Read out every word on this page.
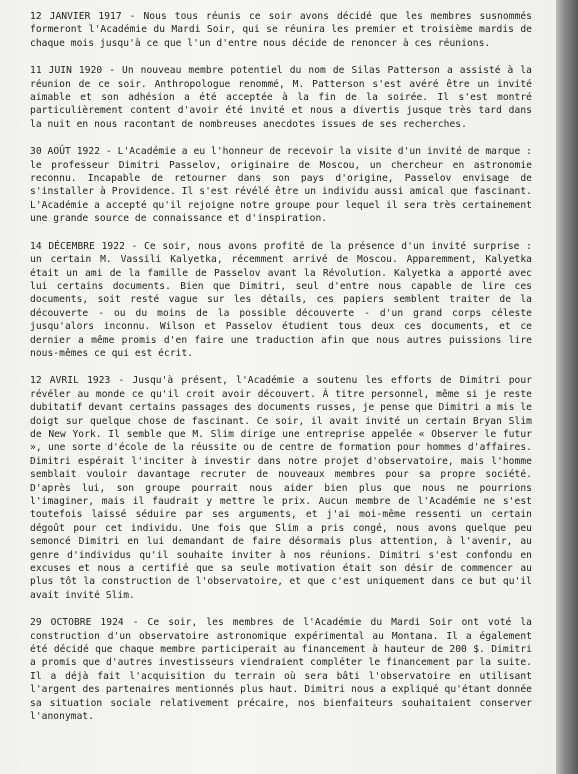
12 JANVIER 1917 - Nous tous réunis ce soir avons décidé que les membres susnommés formeront l'Académie du Mardi Soir, qui se réunira les premier et troisième mardis de chaque mois jusqu'à ce que l'un d'entre nous décide de renoncer à ces réunions.

11 JUIN 1920 - Un nouveau membre potentiel du nom de Silas Patterson a assisté à la réunion de ce soir. Anthropologue renommé, M. Patterson s'est avéré être un invité aimable et son adhésion a été acceptée à la fin de la soirée. Il s'est montré particulièrement content d'avoir été invité et nous a divertis jusque très tard dans la nuit en nous racontant de nombreuses anecdotes issues de ses recherches.

30 AOÛT 1922 - L'Académie a eu l'honneur de recevoir la visite d'un invité de marque : le professeur Dimitri Passelov, originaire de Moscou, un chercheur en astronomie reconnu. Incapable de retourner dans son pays d'origine, Passelov envisage de s'installer à Providence. Il s'est révélé être un individu aussi amical que fascinant. L'Académie a accepté qu'il rejoigne notre groupe pour lequel il sera très certainement une grande source de connaissance et d'inspiration.

14 DÉCEMBRE 1922 - Ce soir, nous avons profité de la présence d'un invité surprise : un certain M. Vassili Kalyetka, récemment arrivé de Moscou. Apparemment, Kalyetka était un ami de la famille de Passelov avant la Révolution. Kalyetka a apporté avec lui certains documents. Bien que Dimitri, seul d'entre nous capable de lire ces documents, soit resté vague sur les détails, ces papiers semblent traiter de la découverte - ou du moins de la possible découverte - d'un grand corps céleste jusqu'alors inconnu. Wilson et Passelov étudient tous deux ces documents, et ce dernier a même promis d'en faire une traduction afin que nous autres puissions lire nous-mêmes ce qui est écrit.

12 AVRIL 1923 - Jusqu'à présent, l'Académie a soutenu les efforts de Dimitri pour révéler au monde ce qu'il croit avoir découvert. À titre personnel, même si je reste dubitatif devant certains passages des documents russes, je pense que Dimitri a mis le doigt sur quelque chose de fascinant. Ce soir, il avait invité un certain Bryan Slim de New York. Il semble que M. Slim dirige une entreprise appelée « Observer le futur », une sorte d'école de la réussite ou de centre de formation pour hommes d'affaires. Dimitri espérait l'inciter à investir dans notre projet d'observatoire, mais l'homme semblait vouloir davantage recruter de nouveaux membres pour sa propre société. D'après lui, son groupe pourrait nous aider bien plus que nous ne pourrions l'imaginer, mais il faudrait y mettre le prix. Aucun membre de l'Académie ne s'est toutefois laissé séduire par ses arguments, et j'ai moi-même ressenti un certain dégoût pour cet individu. Une fois que Slim a pris congé, nous avons quelque peu semoncé Dimitri en lui demandant de faire désormais plus attention, à l'avenir, au genre d'individus qu'il souhaite inviter à nos réunions. Dimitri s'est confondu en excuses et nous a certifié que sa seule motivation était son désir de commencer au plus tôt la construction de l'observatoire, et que c'est uniquement dans ce but qu'il avait invité Slim.

29 OCTOBRE 1924 - Ce soir, les membres de l'Académie du Mardi Soir ont voté la construction d'un observatoire astronomique expérimental au Montana. Il a également été décidé que chaque membre participerait au financement à hauteur de 200 $. Dimitri a promis que d'autres investisseurs viendraient compléter le financement par la suite. Il a déjà fait l'acquisition du terrain où sera bâti l'observatoire en utilisant l'argent des partenaires mentionnés plus haut. Dimitri nous a expliqué qu'étant donnée sa situation sociale relativement précaire, nos bienfaiteurs souhaitaient conserver l'anonymat.
